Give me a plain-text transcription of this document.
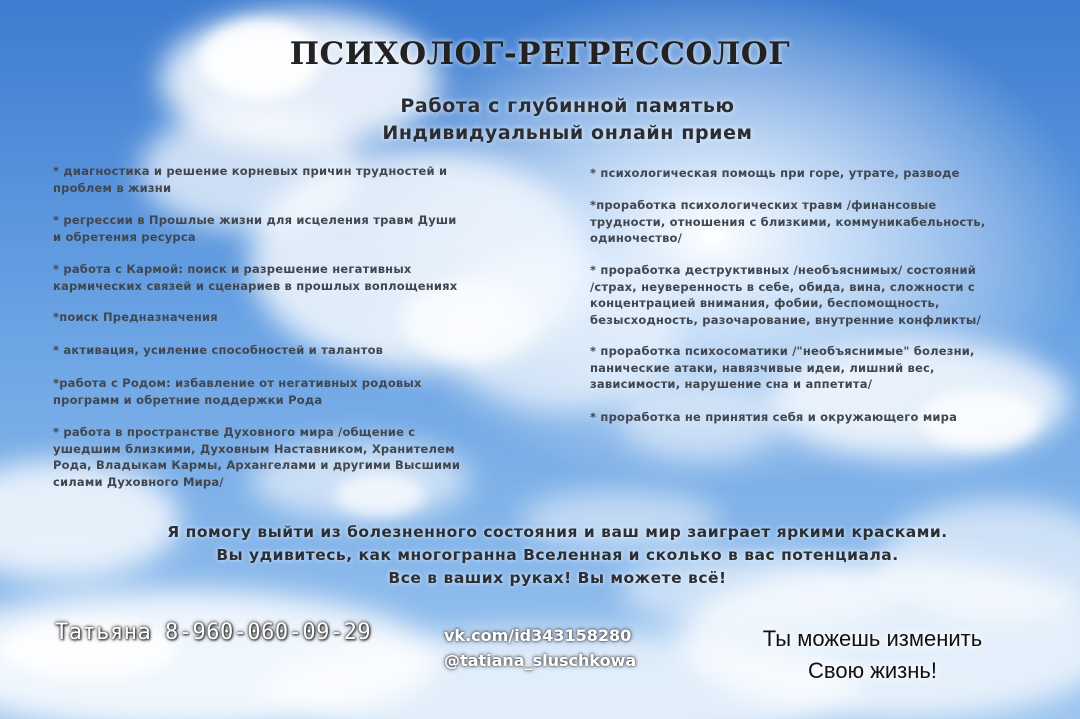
ПСИХОЛОГ-РЕГРЕССОЛОГ
Работа с глубинной памятью
Индивидуальный онлайн прием
* диагностика и решение корневых причин трудностей и
проблем в жизни
* регрессии в Прошлые жизни для исцеления травм Души
и обретения ресурса
* работа с Кармой: поиск и разрешение негативных
кармических связей и сценариев в прошлых воплощениях
*поиск Предназначения
* активация, усиление способностей и талантов
*работа с Родом: избавление от негативных родовых
программ и обретние поддержки Рода
* работа в пространстве Духовного мира /общение с
ушедшим близкими, Духовным Наставником, Хранителем
Рода, Владыкам Кармы, Архангелами и другими Высшими
силами Духовного Мира/
* психологическая помощь при горе, утрате, разводе
*проработка психологических травм /финансовые
трудности, отношения с близкими, коммуникабельность,
одиночество/
* проработка деструктивных /необъяснимых/ состояний
/страх, неуверенность в себе, обида, вина, сложности с
концентрацией внимания, фобии, беспомощность,
безысходность, разочарование, внутренние конфликты/
* проработка психосоматики /"необъяснимые" болезни,
панические атаки, навязчивые идеи, лишний вес,
зависимости, нарушение сна и аппетита/
* проработка не принятия себя и окружающего мира
Я помогу выйти из болезненного состояния и ваш мир заиграет яркими красками.
Вы удивитесь, как многогранна Вселенная и сколько в вас потенциала.
Все в ваших руках! Вы можете всё!
Татьяна 8-960-060-09-29	vk.com/id343158280
@tatiana_sluschkowa
Ты можешь изменить
Свою жизнь!
